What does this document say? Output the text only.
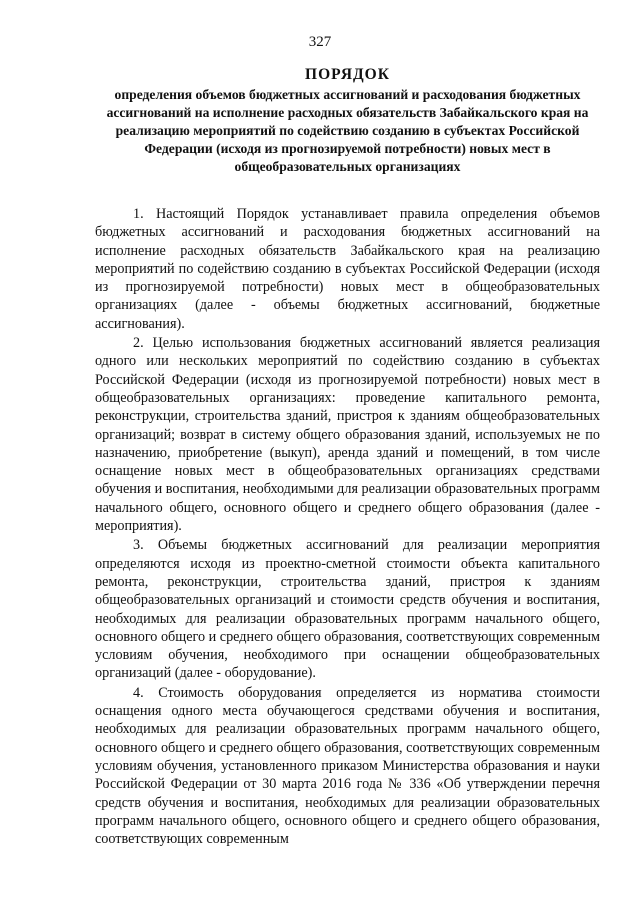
327
ПОРЯДОК

определения объемов бюджетных ассигнований и расходования бюджетных ассигнований на исполнение расходных обязательств Забайкальского края на реализацию мероприятий по содействию созданию в субъектах Российской Федерации (исходя из прогнозируемой потребности) новых мест в общеобразовательных организациях

1. Настоящий Порядок устанавливает правила определения объемов бюджетных ассигнований и расходования бюджетных ассигнований на исполнение расходных обязательств Забайкальского края на реализацию мероприятий по содействию созданию в субъектах Российской Федерации (исходя из прогнозируемой потребности) новых мест в общеобразовательных организациях (далее - объемы бюджетных ассигнований, бюджетные ассигнования).

2. Целью использования бюджетных ассигнований является реализация одного или нескольких мероприятий по содействию созданию в субъектах Российской Федерации (исходя из прогнозируемой потребности) новых мест в общеобразовательных организациях: проведение капитального ремонта, реконструкции, строительства зданий, пристроя к зданиям общеобразовательных организаций; возврат в систему общего образования зданий, используемых не по назначению, приобретение (выкуп), аренда зданий и помещений, в том числе оснащение новых мест в общеобразовательных организациях средствами обучения и воспитания, необходимыми для реализации образовательных программ начального общего, основного общего и среднего общего образования (далее - мероприятия).

3. Объемы бюджетных ассигнований для реализации мероприятия определяются исходя из проектно-сметной стоимости объекта капитального ремонта, реконструкции, строительства зданий, пристроя к зданиям общеобразовательных организаций и стоимости средств обучения и воспитания, необходимых для реализации образовательных программ начального общего, основного общего и среднего общего образования, соответствующих современным условиям обучения, необходимого при оснащении общеобразовательных организаций (далее - оборудование).

4. Стоимость оборудования определяется из норматива стоимости оснащения одного места обучающегося средствами обучения и воспитания, необходимых для реализации образовательных программ начального общего, основного общего и среднего общего образования, соответствующих современным условиям обучения, установленного приказом Министерства образования и науки Российской Федерации от 30 марта 2016 года № 336 «Об утверждении перечня средств обучения и воспитания, необходимых для реализации образовательных программ начального общего, основного общего и среднего общего образования, соответствующих современным
